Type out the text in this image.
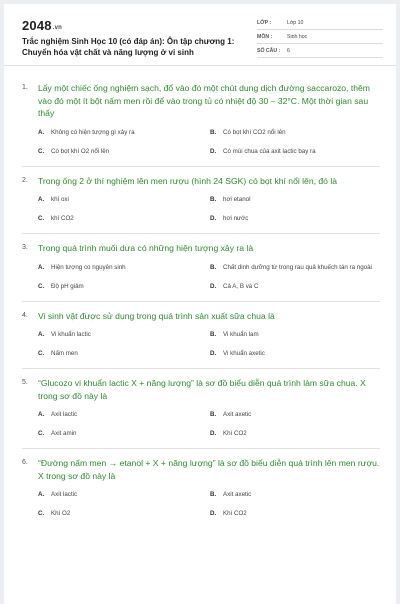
2048.vn
Trắc nghiệm Sinh Học 10 (có đáp án): Ôn tập chương 1: Chuyển hóa vật chất và năng lượng ở vi sinh
LỚP :	Lớp 10
MÔN :	Sinh học
SỐ CÂU :	6
1.	Lấy một chiếc ống nghiệm sạch, đổ vào đó một chút dung dịch đường saccarozo, thêm vào đó một ít bột nấm men rồi để vào trong tủ có nhiệt độ 30 – 32°C. Một thời gian sau thấy
A.	Không có hiện tượng gì xảy ra	B.	Có bọt khí CO2 nổi lên
C.	Có bọt khí O2 nổi lên	D.	Có mùi chua của axit lactic bay ra
2.	Trong ống 2 ở thí nghiệm lên men rượu (hình 24 SGK) có bọt khí nổi lên, đó là
A.	khí oxi	B.	hơi etanol
C.	khí CO2	D.	hơi nước
3.	Trong quá trình muối dưa có những hiện tượng xảy ra là
A.	Hiện tượng co nguyên sinh	B.	Chất dinh dưỡng từ trong rau quả khuếch tán ra ngoài
C.	Độ pH giảm	D.	Cả A, B và C
4.	Vi sinh vật được sử dụng trong quá trình sản xuất sữa chua là
A.	Vi khuẩn lactic	B.	Vi khuẩn lam
C.	Nấm men	D.	Vi khuẩn axetic
5.	“Glucozo vi khuẩn lactic X + năng lượng” là sơ đồ biểu diễn quá trình làm sữa chua. X trong sơ đồ này là
A.	Axit lactic	B.	Axit axetic
C.	Axit amin	D.	Khí CO2
6.	“Đường nấm men → etanol + X + năng lượng” là sơ đồ biểu diễn quá trình lên men rượu. X trong sơ đồ này là
A.	Axit lactic	B.	Axit axetic
C.	Khí O2	D.	Khí CO2
